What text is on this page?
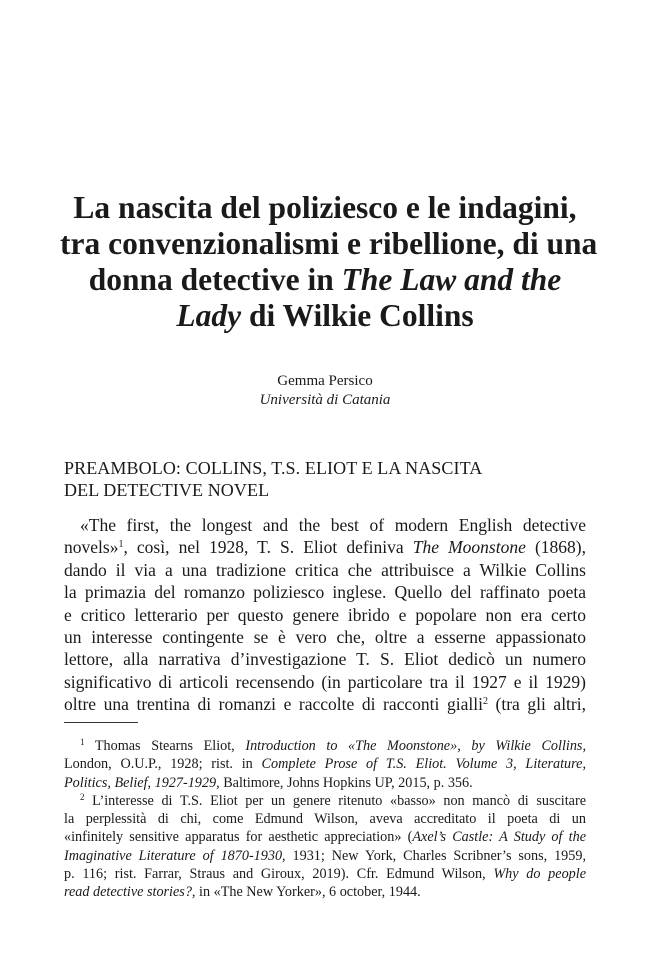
La nascita del poliziesco e le indagini,
tra convenzionalismi e ribellione, di una
donna detective in The Law and the
Lady di Wilkie Collins
Gemma Persico
Università di Catania
PREAMBOLO: COLLINS, T.S. ELIOT E LA NASCITA
DEL DETECTIVE NOVEL
«The first, the longest and the best of modern English detective
novels»$^1$, così, nel 1928, T. S. Eliot definiva The Moonstone (1868),
dando il via a una tradizione critica che attribuisce a Wilkie Collins
la primazia del romanzo poliziesco inglese. Quello del raffinato poeta
e critico letterario per questo genere ibrido e popolare non era certo
un interesse contingente se è vero che, oltre a esserne appassionato
lettore, alla narrativa d’investigazione T. S. Eliot dedicò un numero
significativo di articoli recensendo (in particolare tra il 1927 e il 1929)
oltre una trentina di romanzi e raccolte di racconti gialli$^2$ (tra gli altri,
$^1$ Thomas Stearns Eliot, Introduction to «The Moonstone», by Wilkie Collins,
London, O.U.P., 1928; rist. in Complete Prose of T.S. Eliot. Volume 3, Literature,
Politics, Belief, 1927-1929, Baltimore, Johns Hopkins UP, 2015, p. 356.
$^2$ L’interesse di T.S. Eliot per un genere ritenuto «basso» non mancò di suscitare
la perplessità di chi, come Edmund Wilson, aveva accreditato il poeta di un
«infinitely sensitive apparatus for aesthetic appreciation» (Axel’s Castle: A Study of the
Imaginative Literature of 1870-1930, 1931; New York, Charles Scribner’s sons, 1959,
p. 116; rist. Farrar, Straus and Giroux, 2019). Cfr. Edmund Wilson, Why do people
read detective stories?, in «The New Yorker», 6 october, 1944.
